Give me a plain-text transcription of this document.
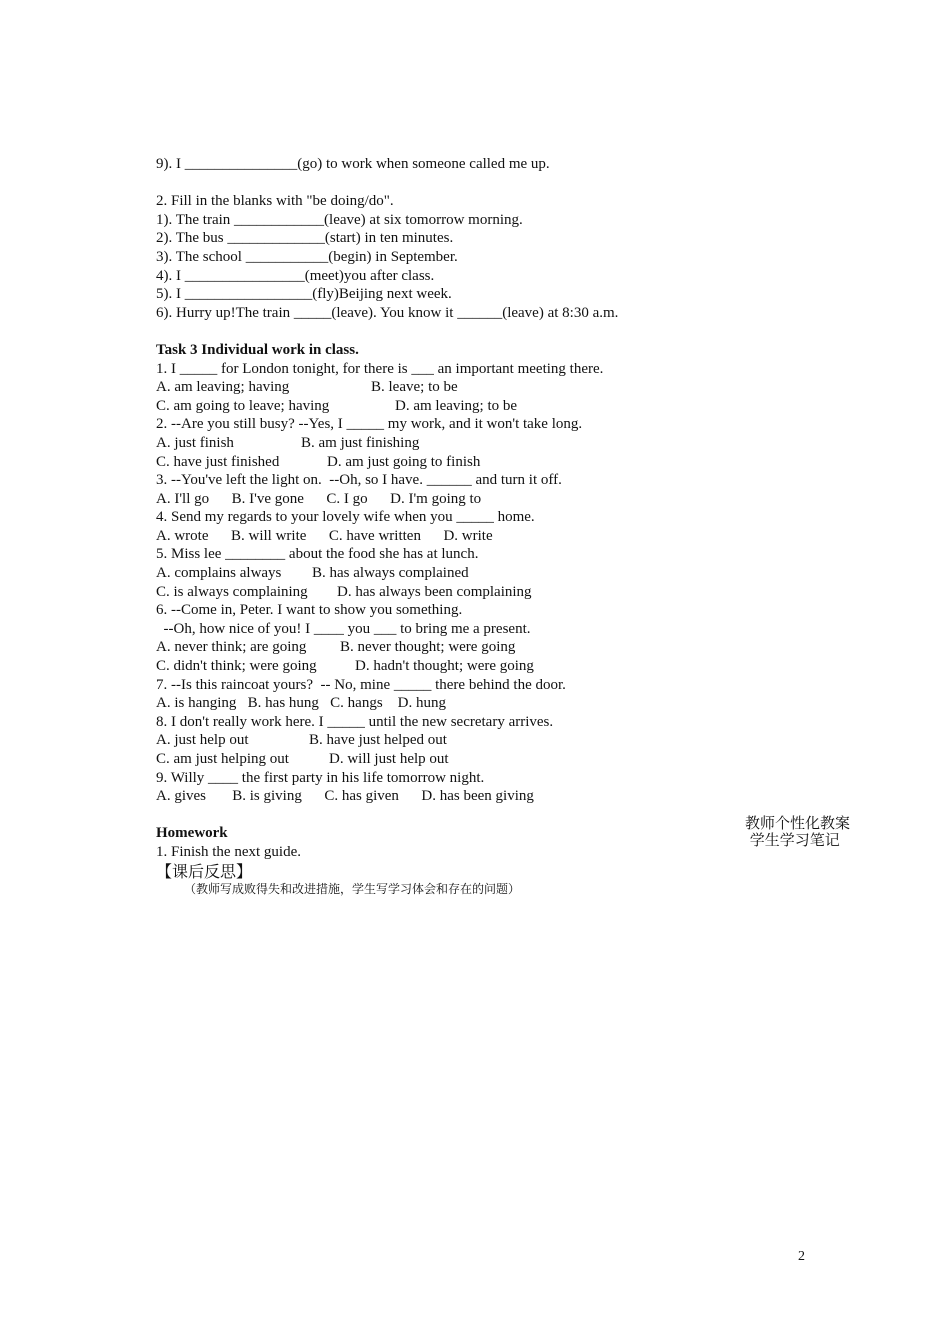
9). I _______________(go) to work when someone called me up.
2. Fill in the blanks with "be doing/do".
1). The train ____________(leave) at six tomorrow morning.
2). The bus _____________(start) in ten minutes.
3). The school ___________(begin) in September.
4). I ________________(meet)you after class.
5). I _________________(fly)Beijing next week.
6). Hurry up!The train _____(leave). You know it ______(leave) at 8:30 a.m.
Task 3 Individual work in class.
1. I _____ for London tonight, for there is ___ an important meeting there.
A. am leaving; having	B. leave; to be
C. am going to leave; having	D. am leaving; to be
2. --Are you still busy? --Yes, I _____ my work, and it won't take long.
A. just finish	B. am just finishing
C. have just finished	D. am just going to finish
3. --You've left the light on.  --Oh, so I have. ______ and turn it off.
A. I'll go      B. I've gone      C. I go      D. I'm going to
4. Send my regards to your lovely wife when you _____ home.
A. wrote      B. will write      C. have written      D. write
5. Miss lee ________ about the food she has at lunch.
A. complains always B. has always complained
C. is always complaining D. has always been complaining
6. --Come in, Peter. I want to show you something.
--Oh, how nice of you! I ____ you ___ to bring me a present.
A. never think; are going B. never thought; were going
C. didn't think; were going	D. hadn't thought; were going
7. --Is this raincoat yours?  -- No, mine _____ there behind the door.
A. is hanging   B. has hung   C. hangs    D. hung
8. I don't really work here. I _____ until the new secretary arrives.
A. just help out	B. have just helped out
C. am just helping out	D. will just help out
9. Willy ____ the first party in his life tomorrow night.
A. gives       B. is giving      C. has given      D. has been giving
Homework
1. Finish the next guide.
【课后反思】
（教师写成败得失和改进措施，学生写学习体会和存在的问题）
教师个性化教案
学生学习笔记
2
